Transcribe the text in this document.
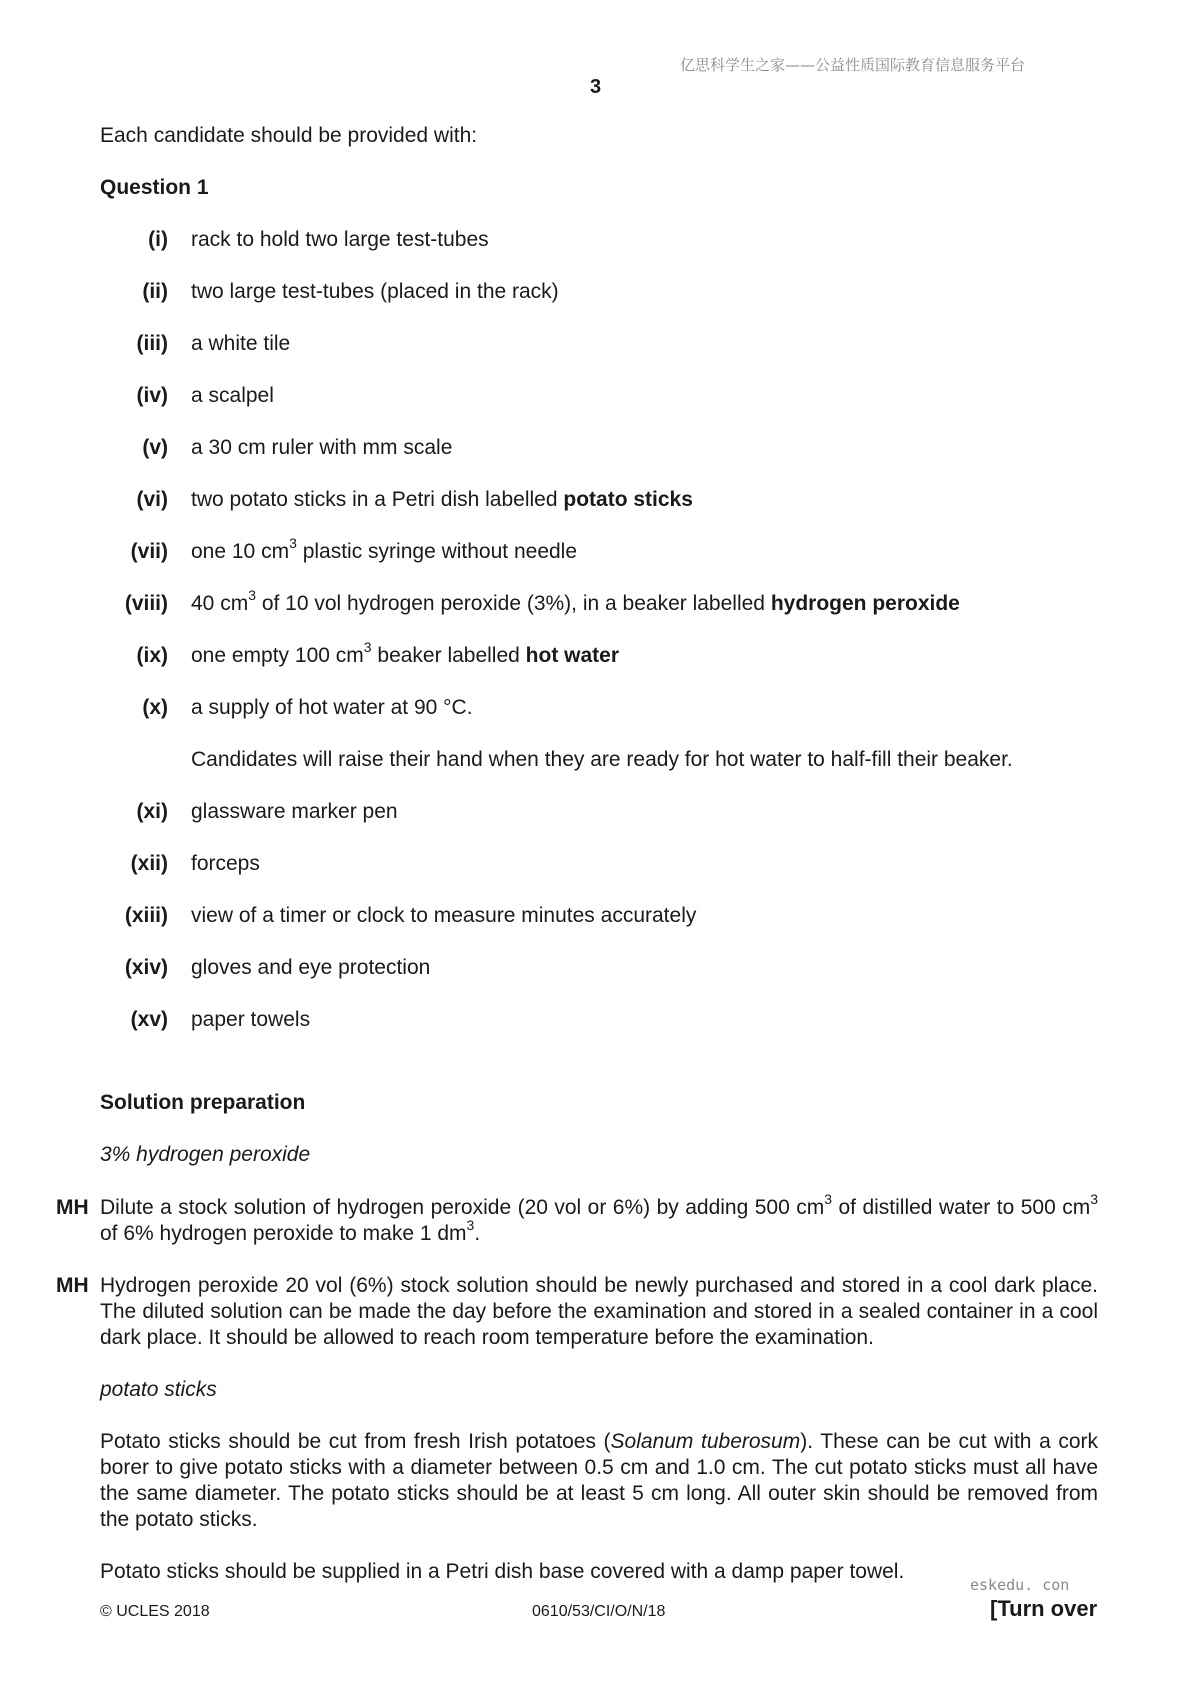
亿思科学生之家——公益性质国际教育信息服务平台
3
Each candidate should be provided with:
Question 1
(i) rack to hold two large test-tubes
(ii) two large test-tubes (placed in the rack)
(iii) a white tile
(iv) a scalpel
(v) a 30 cm ruler with mm scale
(vi) two potato sticks in a Petri dish labelled potato sticks
(vii) one 10 $cm^3$ plastic syringe without needle
(viii) 40 $cm^3$ of 10 vol hydrogen peroxide (3%), in a beaker labelled hydrogen peroxide
(ix) one empty 100 $cm^3$ beaker labelled hot water
(x) a supply of hot water at 90 °C.
Candidates will raise their hand when they are ready for hot water to half-fill their beaker.
(xi) glassware marker pen
(xii) forceps
(xiii) view of a timer or clock to measure minutes accurately
(xiv) gloves and eye protection
(xv) paper towels
Solution preparation
3% hydrogen peroxide
MH Dilute a stock solution of hydrogen peroxide (20 vol or 6%) by adding 500 $cm^3$ of distilled water to 500 $cm^3$ of 6% hydrogen peroxide to make 1 $dm^3$.
MH Hydrogen peroxide 20 vol (6%) stock solution should be newly purchased and stored in a cool dark place. The diluted solution can be made the day before the examination and stored in a sealed container in a cool dark place. It should be allowed to reach room temperature before the examination.
potato sticks
Potato sticks should be cut from fresh Irish potatoes (Solanum tuberosum). These can be cut with a cork borer to give potato sticks with a diameter between 0.5 cm and 1.0 cm. The cut potato sticks must all have the same diameter. The potato sticks should be at least 5 cm long. All outer skin should be removed from the potato sticks.
Potato sticks should be supplied in a Petri dish base covered with a damp paper towel.
eskedu. con
© UCLES 2018	0610/53/CI/O/N/18	[Turn over
